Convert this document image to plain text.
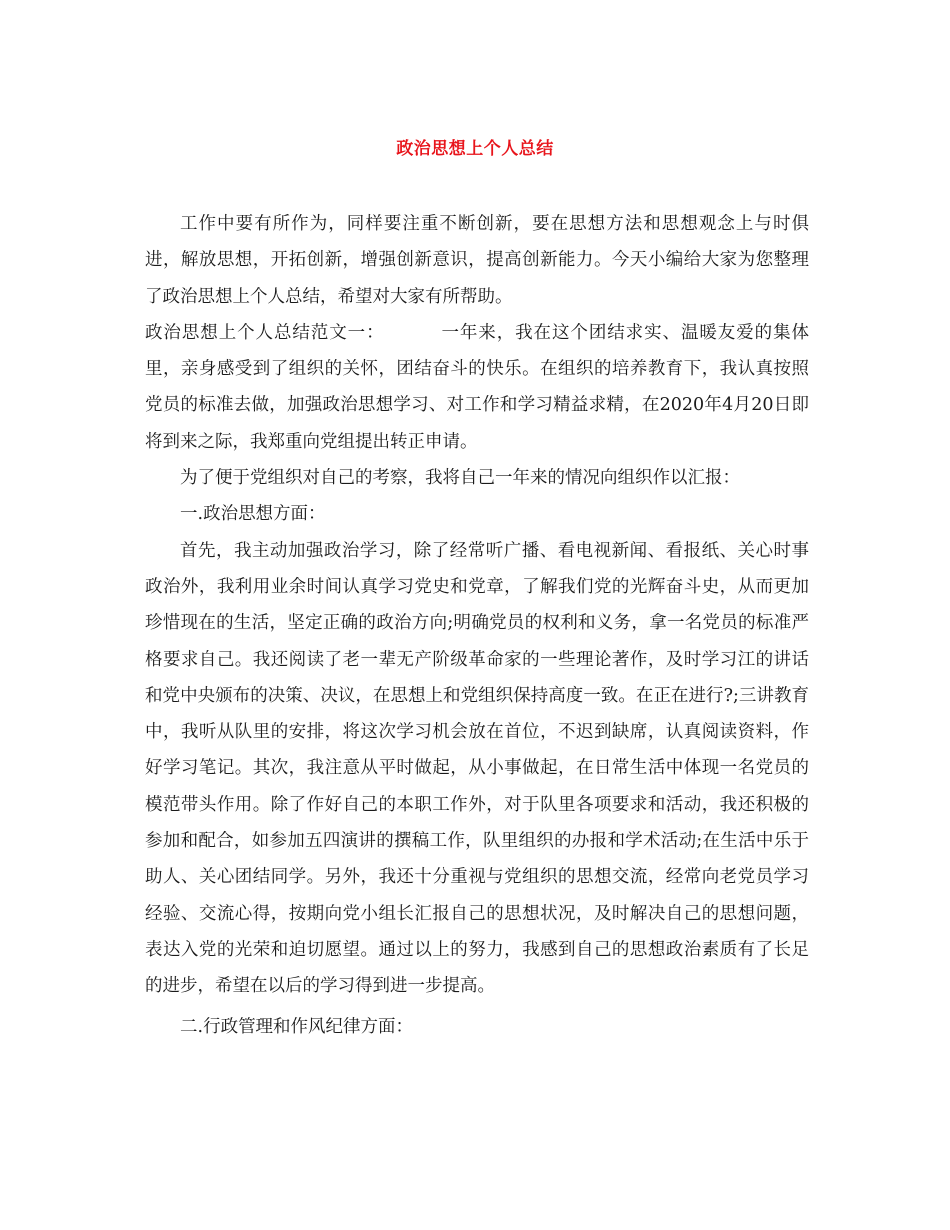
政治思想上个人总结

工作中要有所作为，同样要注重不断创新，要在思想方法和思想观念上与时俱进，解放思想，开拓创新，增强创新意识，提高创新能力。今天小编给大家为您整理了政治思想上个人总结，希望对大家有所帮助。

政治思想上个人总结范文一：	一年来，我在这个团结求实、温暖友爱的集体里，亲身感受到了组织的关怀，团结奋斗的快乐。在组织的培养教育下，我认真按照党员的标准去做，加强政治思想学习、对工作和学习精益求精，在2020年4月20日即将到来之际，我郑重向党组提出转正申请。

为了便于党组织对自己的考察，我将自己一年来的情况向组织作以汇报：

一.政治思想方面：

首先，我主动加强政治学习，除了经常听广播、看电视新闻、看报纸、关心时事政治外，我利用业余时间认真学习党史和党章，了解我们党的光辉奋斗史，从而更加珍惜现在的生活，坚定正确的政治方向;明确党员的权利和义务，拿一名党员的标准严格要求自己。我还阅读了老一辈无产阶级革命家的一些理论著作，及时学习江的讲话和党中央颁布的决策、决议，在思想上和党组织保持高度一致。在正在进行?;三讲教育中，我听从队里的安排，将这次学习机会放在首位，不迟到缺席，认真阅读资料，作好学习笔记。其次，我注意从平时做起，从小事做起，在日常生活中体现一名党员的模范带头作用。除了作好自己的本职工作外，对于队里各项要求和活动，我还积极的参加和配合，如参加五四演讲的撰稿工作，队里组织的办报和学术活动;在生活中乐于助人、关心团结同学。另外，我还十分重视与党组织的思想交流，经常向老党员学习经验、交流心得，按期向党小组长汇报自己的思想状况，及时解决自己的思想问题，表达入党的光荣和迫切愿望。通过以上的努力，我感到自己的思想政治素质有了长足的进步，希望在以后的学习得到进一步提高。

二.行政管理和作风纪律方面：
